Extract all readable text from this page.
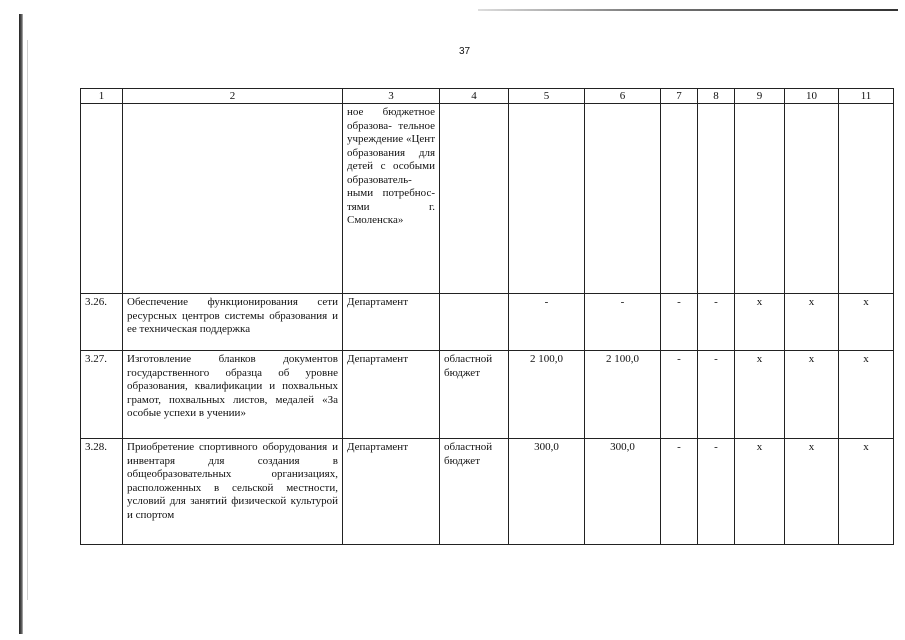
37
1	2	3	4	5	6	7	8	9	10	11
		ное бюджетное образова- тельное учреждение «Цент образования для детей с особыми образователь- ными потребнос- тями г. Смоленска»								
3.26.	Обеспечение функционирования сети ресурсных центров системы образования и ее техническая поддержка	Департамент		-	-	-	-	x	x	x
3.27.	Изготовление бланков документов государственного образца об уровне образования, квалификации и похвальных грамот, похвальных листов, медалей «За особые успехи в учении»	Департамент	областной бюджет	2 100,0	2 100,0	-	-	x	x	x
3.28.	Приобретение спортивного оборудования и инвентаря для создания в общеобразовательных организациях, расположенных в сельской местности, условий для занятий физической культурой и спортом	Департамент	областной бюджет	300,0	300,0	-	-	x	x	x
